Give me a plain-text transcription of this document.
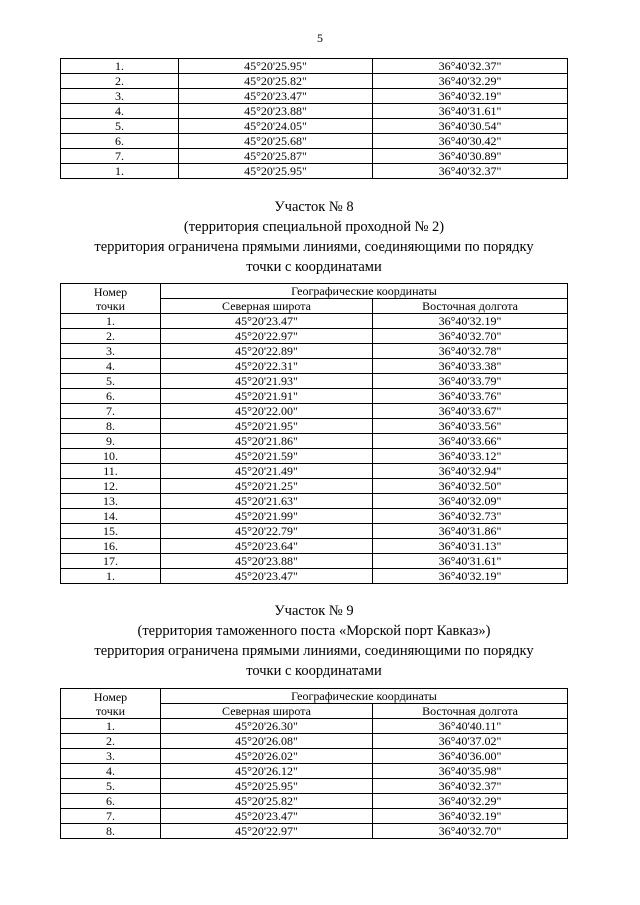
5
1.	45°20'25.95"	36°40'32.37"
2.	45°20'25.82"	36°40'32.29"
3.	45°20'23.47"	36°40'32.19"
4.	45°20'23.88"	36°40'31.61"
5.	45°20'24.05"	36°40'30.54"
6.	45°20'25.68"	36°40'30.42"
7.	45°20'25.87"	36°40'30.89"
1.	45°20'25.95"	36°40'32.37"
Участок № 8
(территория специальной проходной № 2)
территория ограничена прямыми линиями, соединяющими по порядку
точки с координатами
Номер
точки	Географические координаты	
	Северная широта	Восточная долгота
1.	45°20'23.47"	36°40'32.19"
2.	45°20'22.97"	36°40'32.70"
3.	45°20'22.89"	36°40'32.78"
4.	45°20'22.31"	36°40'33.38"
5.	45°20'21.93"	36°40'33.79"
6.	45°20'21.91"	36°40'33.76"
7.	45°20'22.00"	36°40'33.67"
8.	45°20'21.95"	36°40'33.56"
9.	45°20'21.86"	36°40'33.66"
10.	45°20'21.59"	36°40'33.12"
11.	45°20'21.49"	36°40'32.94"
12.	45°20'21.25"	36°40'32.50"
13.	45°20'21.63"	36°40'32.09"
14.	45°20'21.99"	36°40'32.73"
15.	45°20'22.79"	36°40'31.86"
16.	45°20'23.64"	36°40'31.13"
17.	45°20'23.88"	36°40'31.61"
1.	45°20'23.47"	36°40'32.19"
Участок № 9
(территория таможенного поста «Морской порт Кавказ»)
территория ограничена прямыми линиями, соединяющими по порядку
точки с координатами
Номер
точки	Географические координаты	
	Северная широта	Восточная долгота
1.	45°20'26.30"	36°40'40.11"
2.	45°20'26.08"	36°40'37.02"
3.	45°20'26.02"	36°40'36.00"
4.	45°20'26.12"	36°40'35.98"
5.	45°20'25.95"	36°40'32.37"
6.	45°20'25.82"	36°40'32.29"
7.	45°20'23.47"	36°40'32.19"
8.	45°20'22.97"	36°40'32.70"
